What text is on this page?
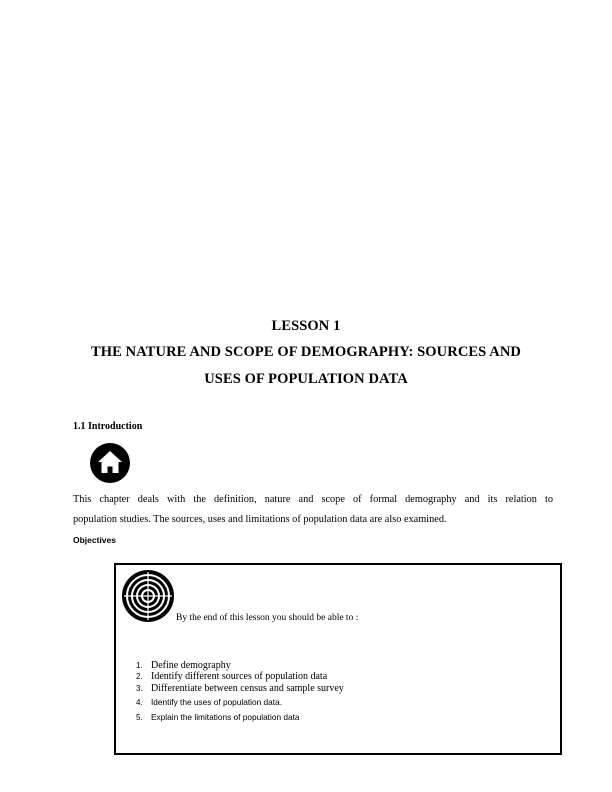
LESSON 1
THE NATURE AND SCOPE OF DEMOGRAPHY: SOURCES AND
USES OF POPULATION DATA
1.1 Introduction

This chapter deals with the definition, nature and scope of formal demography and its relation to
population studies. The sources, uses and limitations of population data are also examined.

Objectives
By the end of this lesson you should be able to :
1. Define demography
2. Identify different sources of population data
3. Differentiate between census and sample survey
4.	Identify the uses of population data.
5.	Explain the limitations of population data
